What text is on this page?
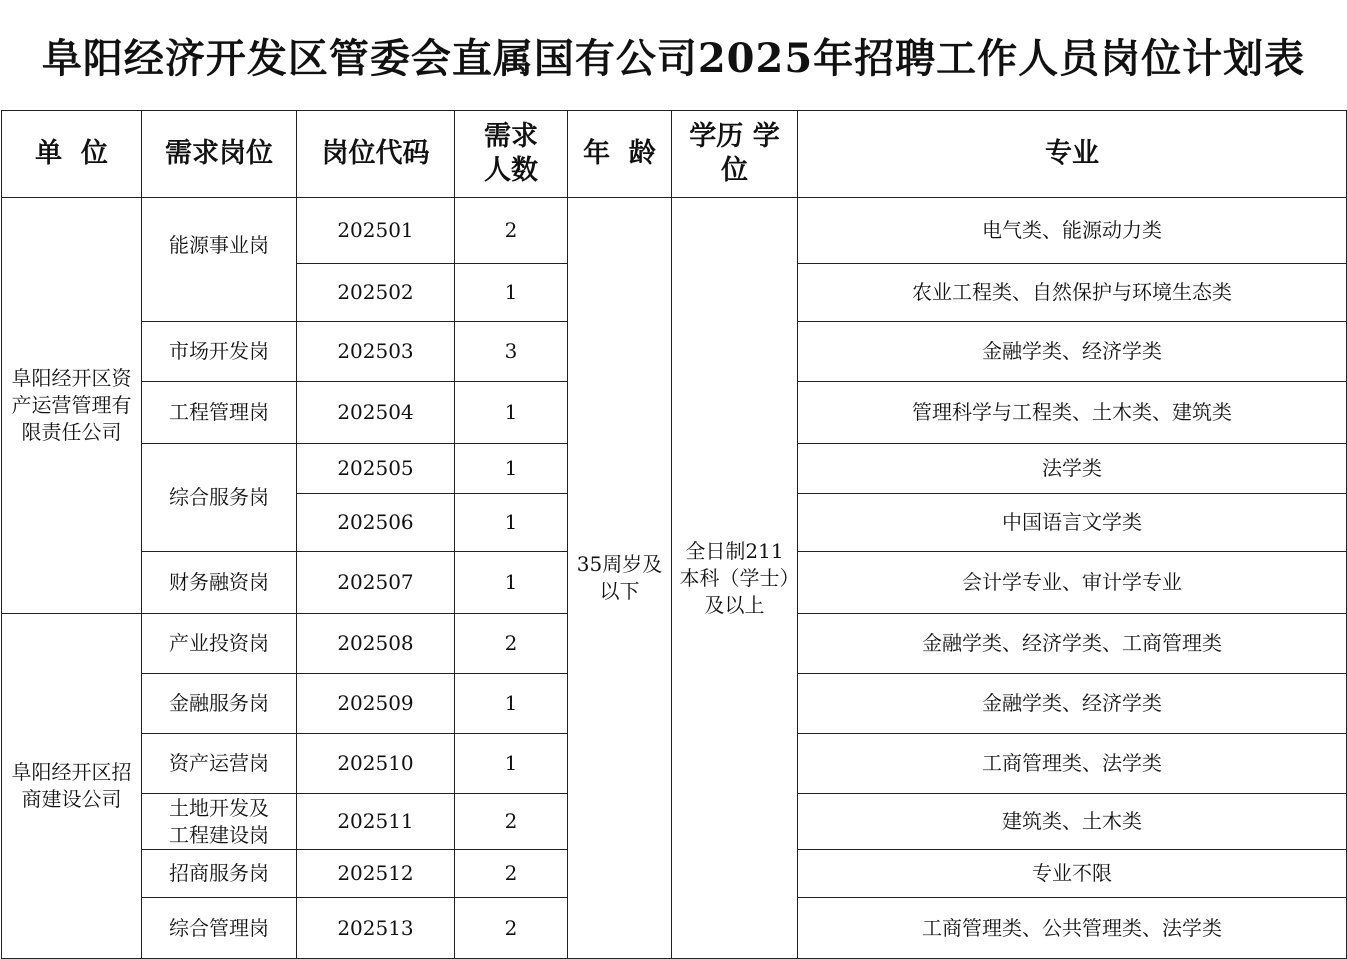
阜阳经济开发区管委会直属国有公司2025年招聘工作人员岗位计划表
单  位	需求岗位	岗位代码	需求人数	年  龄	学历 学位	专业
阜阳经开区资产运营管理有限责任公司	能源事业岗	202501	2	35周岁及以下	全日制211本科（学士）及以上	电气类、能源动力类
		202502	1			农业工程类、自然保护与环境生态类
	市场开发岗	202503	3			金融学类、经济学类
	工程管理岗	202504	1			管理科学与工程类、土木类、建筑类
	综合服务岗	202505	1			法学类
		202506	1			中国语言文学类
	财务融资岗	202507	1			会计学专业、审计学专业
阜阳经开区招商建设公司	产业投资岗	202508	2			金融学类、经济学类、工商管理类
	金融服务岗	202509	1			金融学类、经济学类
	资产运营岗	202510	1			工商管理类、法学类
	土地开发及工程建设岗	202511	2			建筑类、土木类
	招商服务岗	202512	2			专业不限
	综合管理岗	202513	2			工商管理类、公共管理类、法学类
